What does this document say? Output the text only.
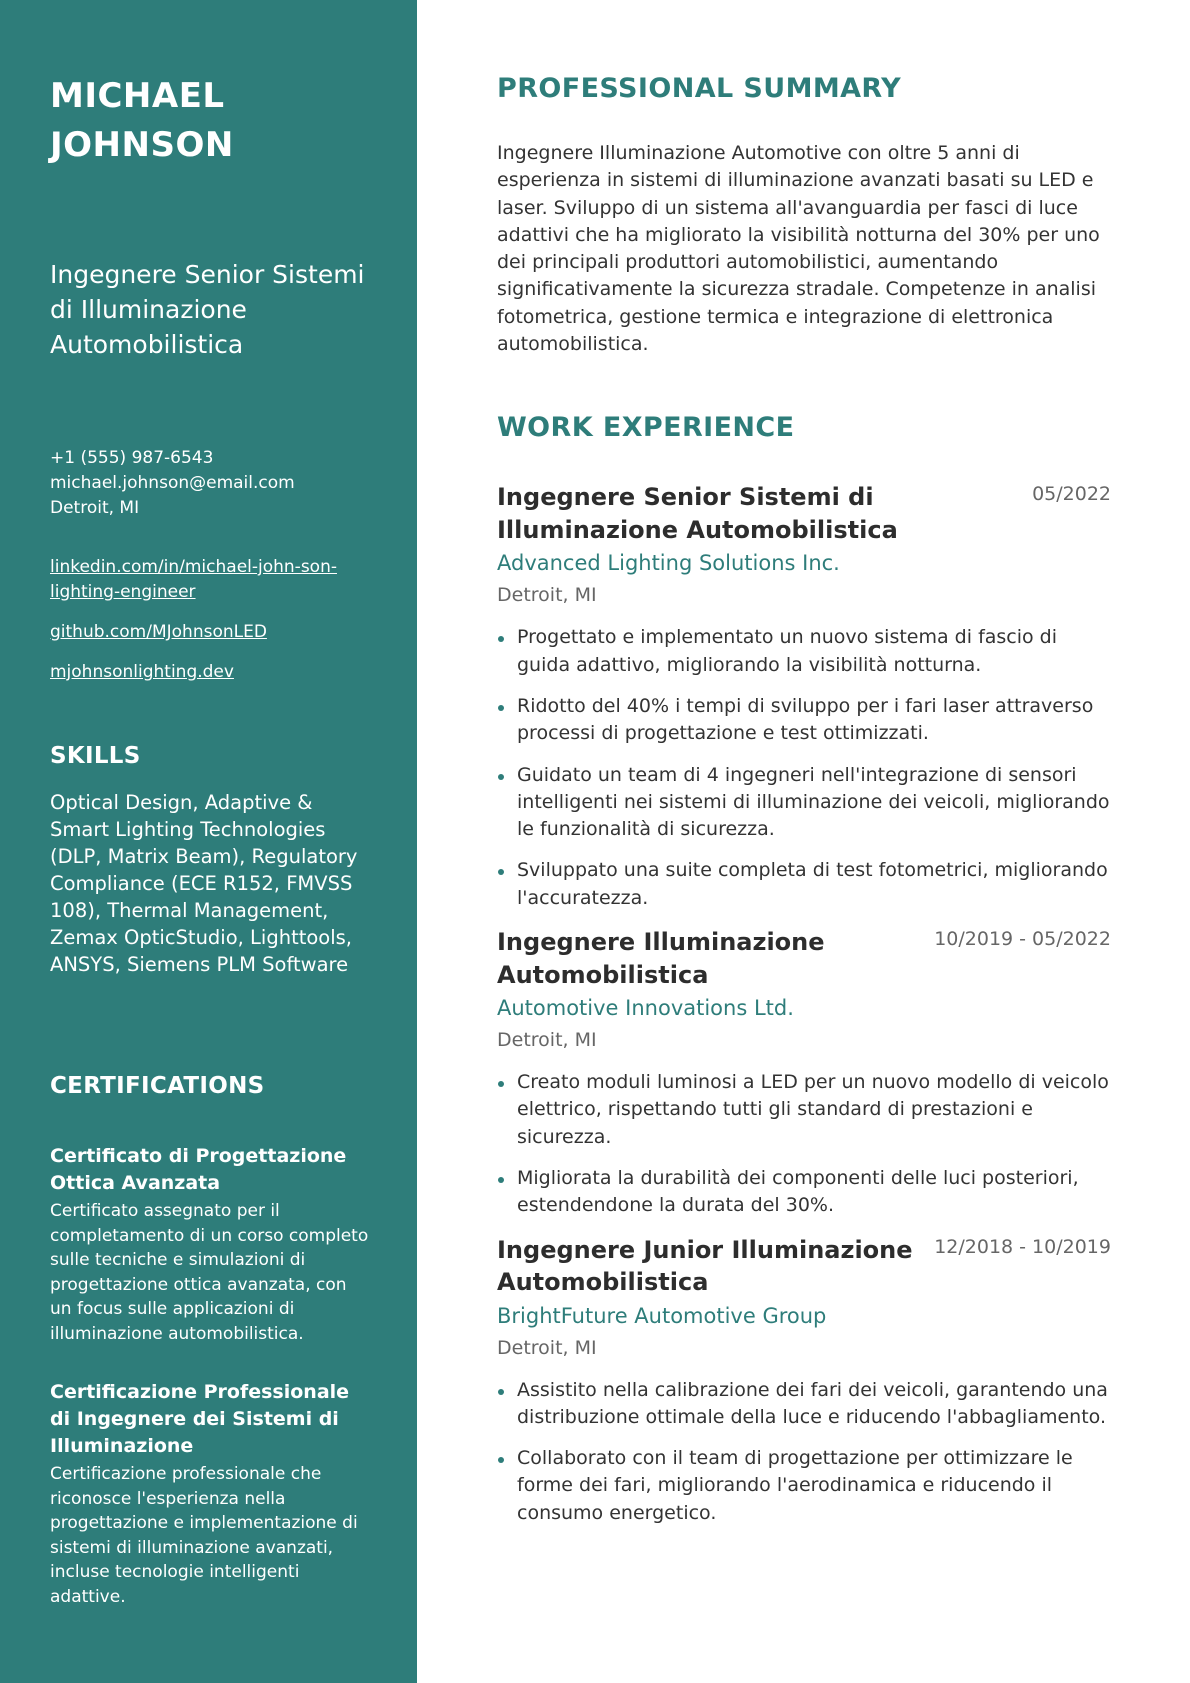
MICHAEL
JOHNSON
Ingegnere Senior Sistemi di Illuminazione Automobilistica
+1 (555) 987-6543
michael.johnson@email.com
Detroit, MI
linkedin.com/in/michael-john-son-lighting-engineer
github.com/MJohnsonLED
mjohnsonlighting.dev
SKILLS
Optical Design, Adaptive & Smart Lighting Technologies (DLP, Matrix Beam), Regulatory Compliance (ECE R152, FMVSS 108), Thermal Management, Zemax OpticStudio, Lighttools, ANSYS, Siemens PLM Software
CERTIFICATIONS
Certificato di Progettazione Ottica Avanzata
Certificato assegnato per il completamento di un corso completo sulle tecniche e simulazioni di progettazione ottica avanzata, con un focus sulle applicazioni di illuminazione automobilistica.
Certificazione Professionale di Ingegnere dei Sistemi di Illuminazione
Certificazione professionale che riconosce l'esperienza nella progettazione e implementazione di sistemi di illuminazione avanzati, incluse tecnologie intelligenti adattive.
PROFESSIONAL SUMMARY
Ingegnere Illuminazione Automotive con oltre 5 anni di esperienza in sistemi di illuminazione avanzati basati su LED e laser. Sviluppo di un sistema all'avanguardia per fasci di luce adattivi che ha migliorato la visibilità notturna del 30% per uno dei principali produttori automobilistici, aumentando significativamente la sicurezza stradale. Competenze in analisi fotometrica, gestione termica e integrazione di elettronica automobilistica.
WORK EXPERIENCE
Ingegnere Senior Sistemi di Illuminazione Automobilistica
05/2022
Advanced Lighting Solutions Inc.
Detroit, MI
Progettato e implementato un nuovo sistema di fascio di guida adattivo, migliorando la visibilità notturna.
Ridotto del 40% i tempi di sviluppo per i fari laser attraverso processi di progettazione e test ottimizzati.
Guidato un team di 4 ingegneri nell'integrazione di sensori intelligenti nei sistemi di illuminazione dei veicoli, migliorando le funzionalità di sicurezza.
Sviluppato una suite completa di test fotometrici, migliorando l'accuratezza.
Ingegnere Illuminazione Automobilistica
10/2019 - 05/2022
Automotive Innovations Ltd.
Detroit, MI
Creato moduli luminosi a LED per un nuovo modello di veicolo elettrico, rispettando tutti gli standard di prestazioni e sicurezza.
Migliorata la durabilità dei componenti delle luci posteriori, estendendone la durata del 30%.
Ingegnere Junior Illuminazione Automobilistica
12/2018 - 10/2019
BrightFuture Automotive Group
Detroit, MI
Assistito nella calibrazione dei fari dei veicoli, garantendo una distribuzione ottimale della luce e riducendo l'abbagliamento.
Collaborato con il team di progettazione per ottimizzare le forme dei fari, migliorando l'aerodinamica e riducendo il consumo energetico.
